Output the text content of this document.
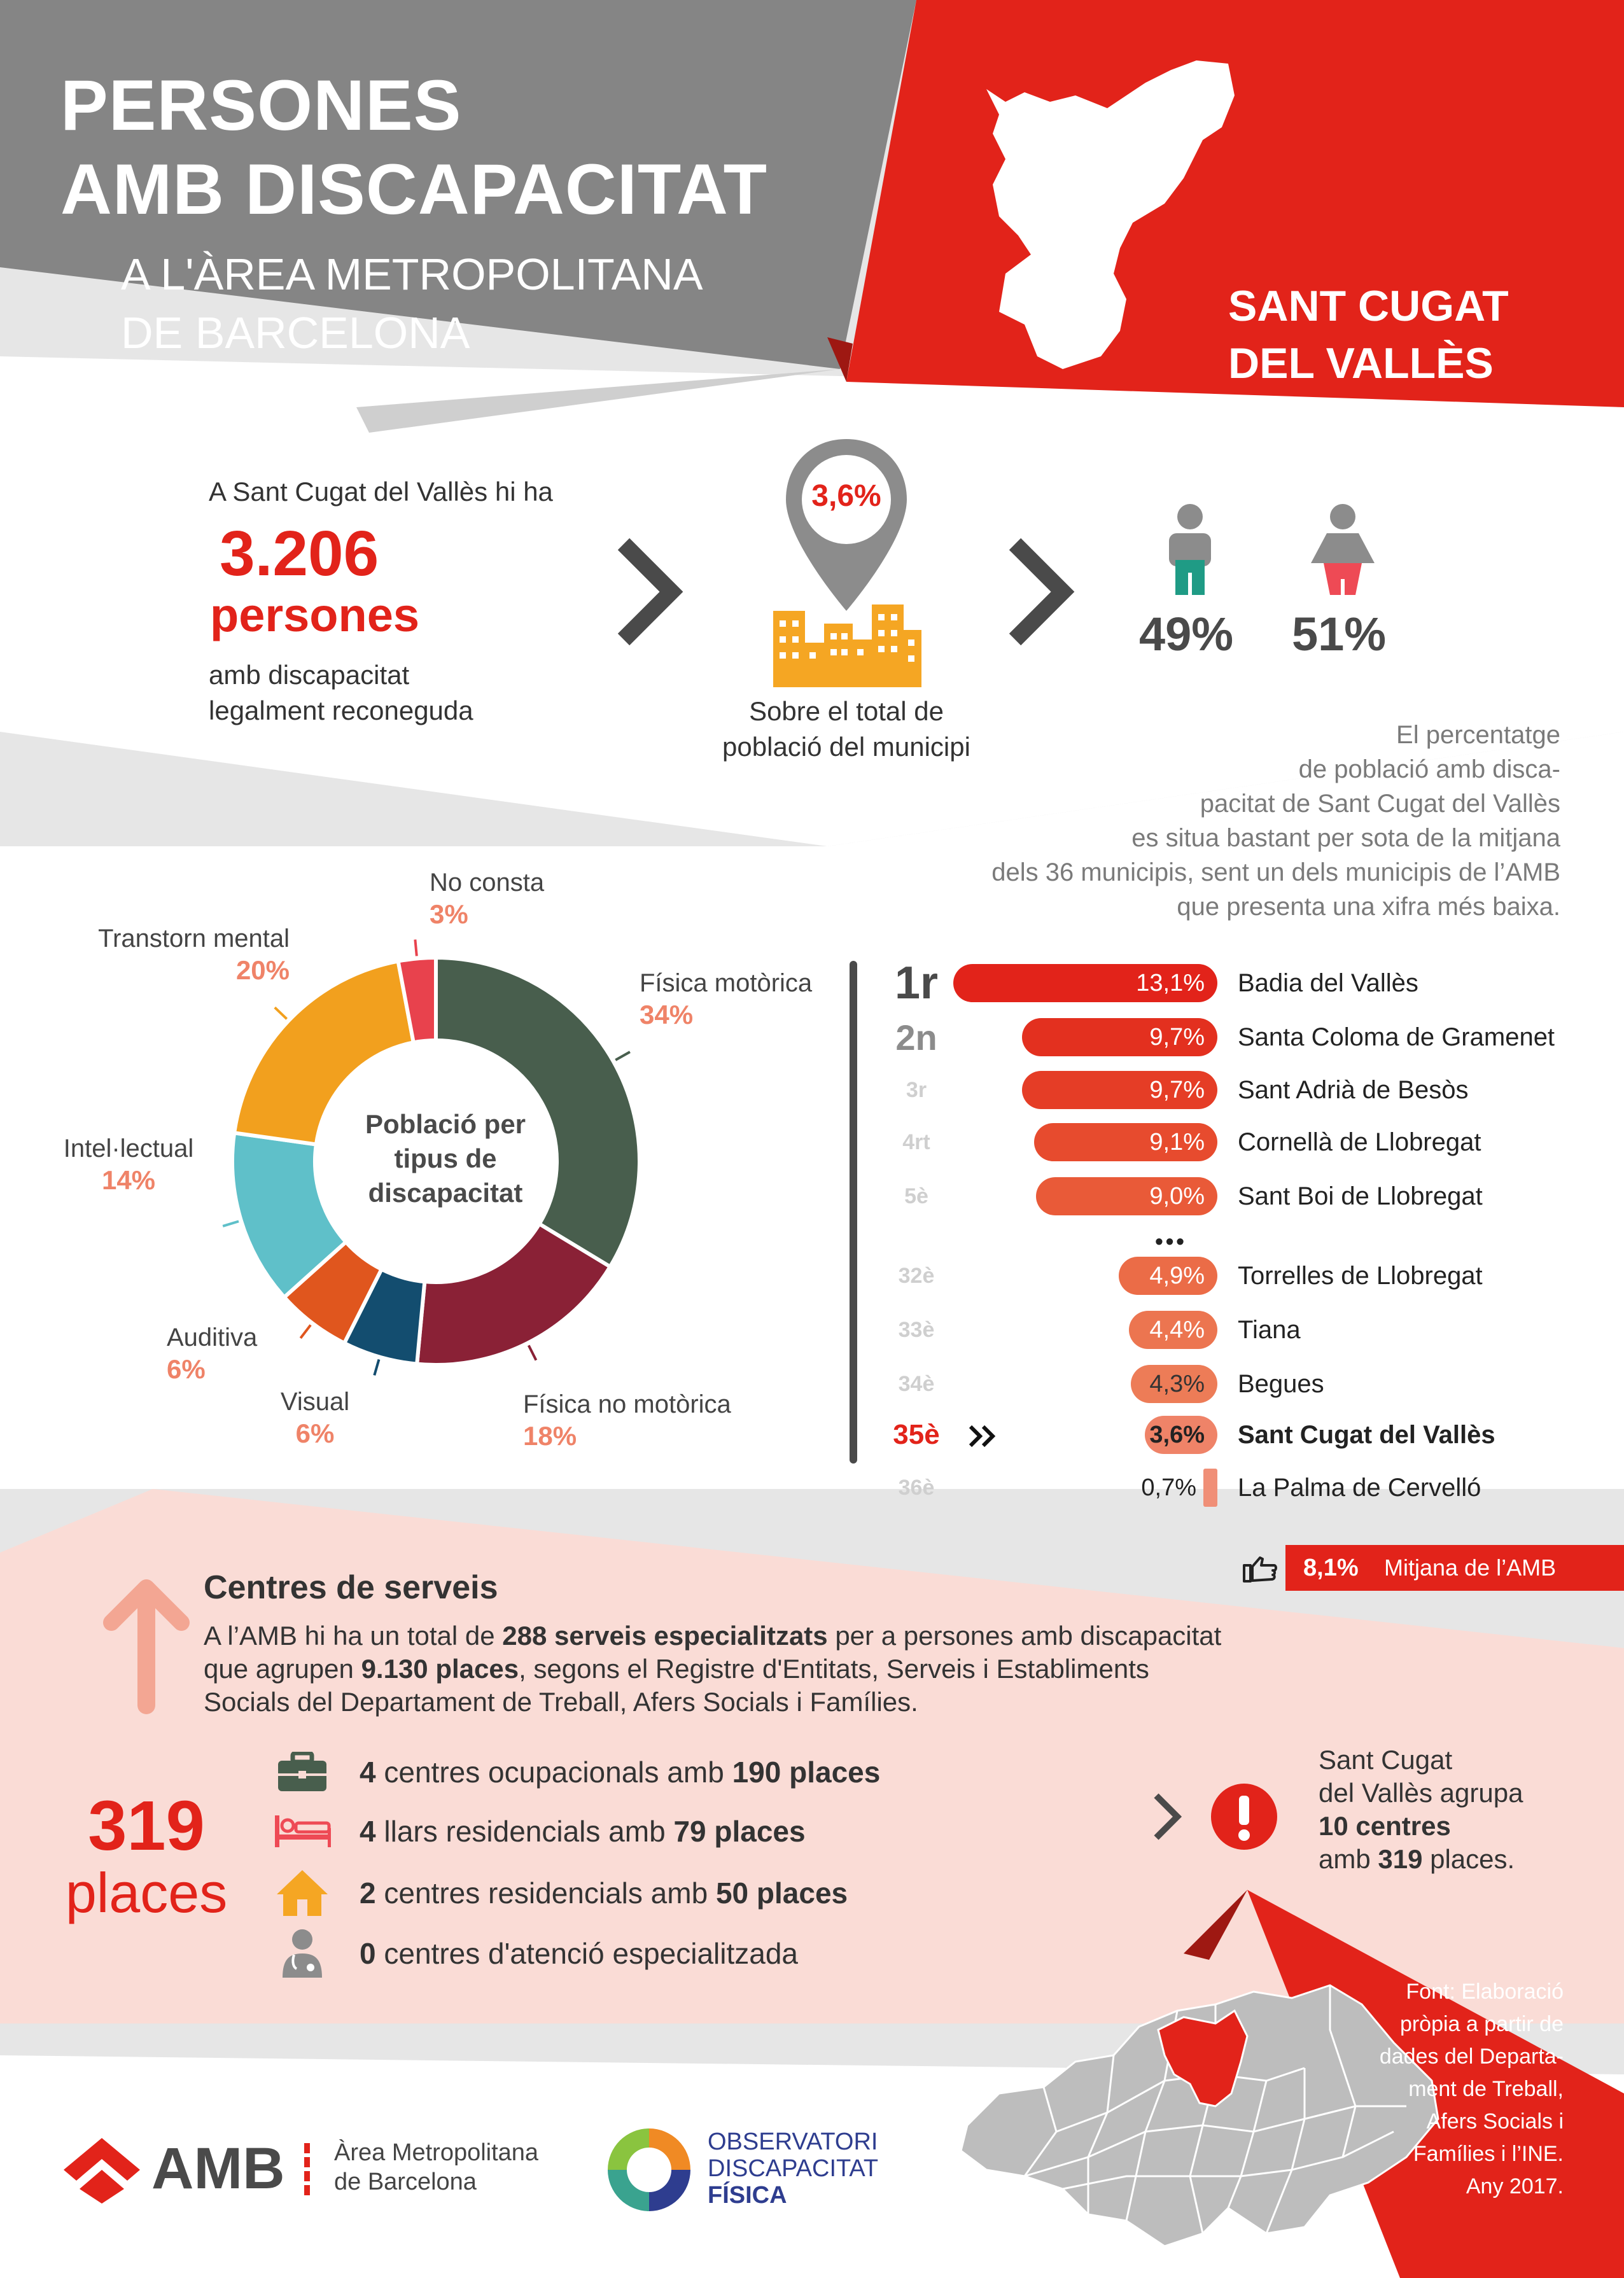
PERSONES
AMB DISCAPACITAT
A L'ÀREA METROPOLITANA
DE BARCELONA
SANT CUGAT
DEL VALLÈS
A Sant Cugat del Vallès hi ha
3.206
persones
amb discapacitat
legalment reconeguda
3,6%
Sobre el total de
població del municipi
49% 51%
El percentatge
de població amb disca-
pacitat de Sant Cugat del Vallès
es situa bastant per sota de la mitjana
dels 36 municipis, sent un dels municipis de l’AMB
que presenta una xifra més baixa.
Població per
tipus de
discapacitat
Física motòrica
34%
Física no motòrica
18%
Visual
6%
Auditiva
6%
Intel·lectual
14%
Transtorn mental
20%
No consta
3%
1r	13,1% Badia del Vallès
2n	9,7% Santa Coloma de Gramenet
3r	9,7% Sant Adrià de Besòs
4rt	9,1% Cornellà de Llobregat
5è	9,0% Sant Boi de Llobregat
•••
32è	4,9% Torrelles de Llobregat
33è	4,4% Tiana
34è	4,3% Begues
35è	3,6% Sant Cugat del Vallès
36è	0,7% La Palma de Cervelló
8,1% Mitjana de l’AMB
Centres de serveis
A l’AMB hi ha un total de 288 serveis especialitzats per a persones amb discapacitat
que agrupen 9.130 places, segons el Registre d'Entitats, Serveis i Establiments
Socials del Departament de Treball, Afers Socials i Famílies.
319
places
4 centres ocupacionals amb 190 places
4 llars residencials amb 79 places
2 centres residencials amb 50 places
0 centres d'atenció especialitzada
Sant Cugat
del Vallès agrupa
10 centres
amb 319 places.
Font: Elaboració
pròpia a partir de
dades del Departa-
ment de Treball,
Afers Socials i
Famílies i l’INE.
Any 2017.
AMB Àrea Metropolitana
de Barcelona
OBSERVATORI
DISCAPACITAT
FÍSICA
